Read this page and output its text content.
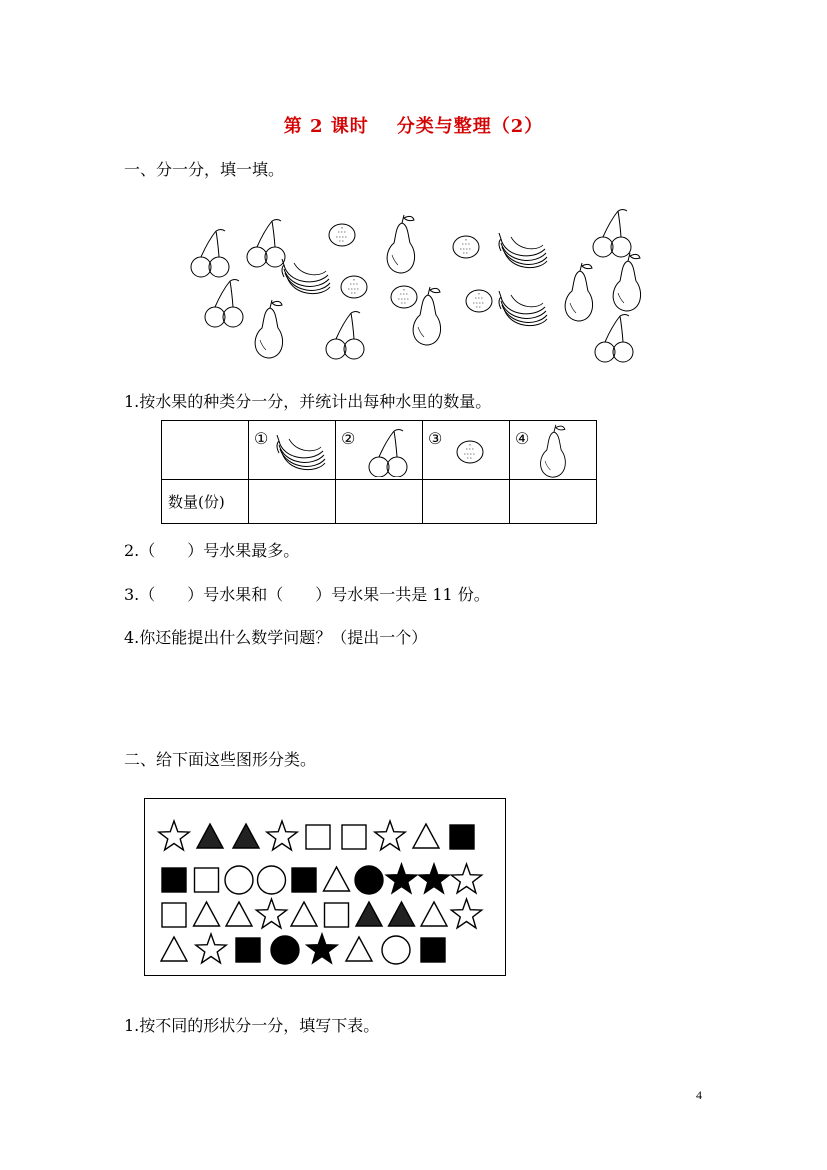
第 2 课时 分类与整理（2）
一、分一分，填一填。
1.按水果的种类分一分，并统计出每种水里的数量。

	①	②	③	④

数量(份)				
2.（　　）号水果最多。
3.（　　）号水果和（　　）号水果一共是 11 份。
4.你还能提出什么数学问题？（提出一个）
二、给下面这些图形分类。
1.按不同的形状分一分，填写下表。
4
